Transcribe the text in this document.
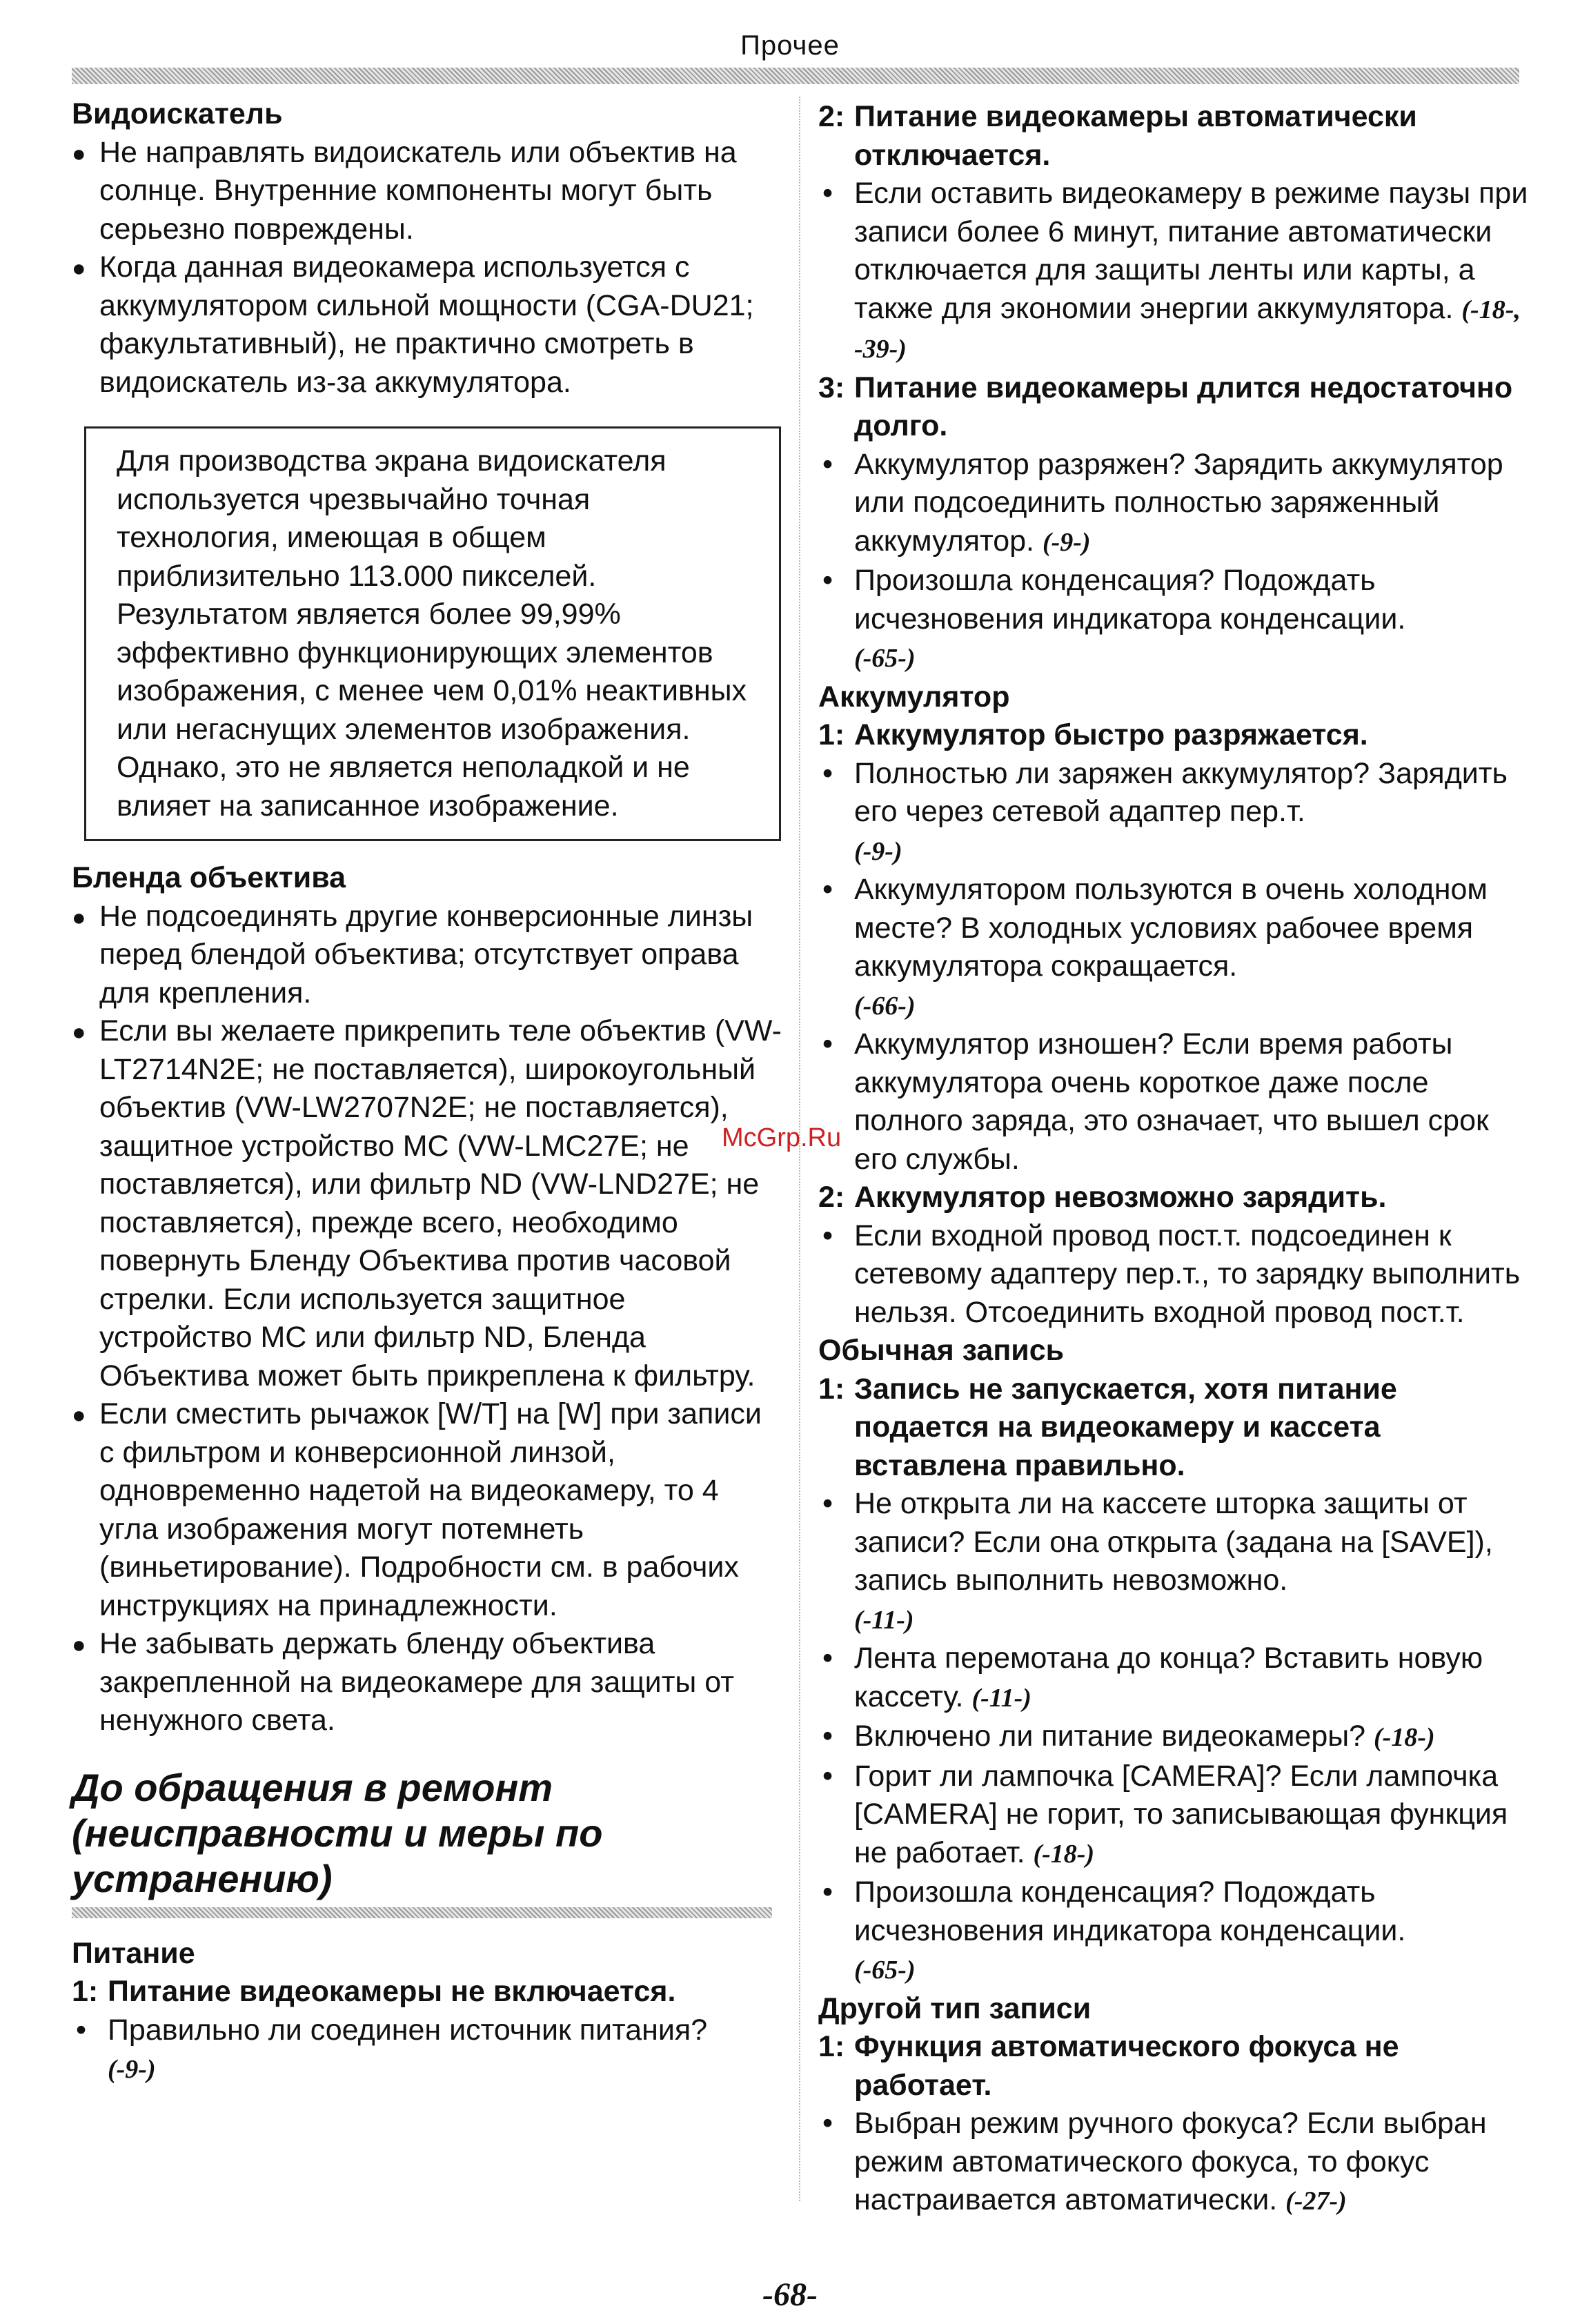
Прочее
Видоискатель
● Не направлять видоискатель или объектив на солнце. Внутренние компоненты могут быть серьезно повреждены.
● Когда данная видеокамера используется с аккумулятором сильной мощности (CGA-DU21; факультативный), не практично смотреть в видоискатель из-за аккумулятора.
Для производства экрана видоискателя используется чрезвычайно точная технология, имеющая в общем приблизительно 113.000 пикселей. Результатом является более 99,99% эффективно функционирующих элементов изображения, с менее чем 0,01% неактивных или негаснущих элементов изображения. Однако, это не является неполадкой и не влияет на записанное изображение.
Бленда объектива
● Не подсоединять другие конверсионные линзы перед блендой объектива; отсутствует оправа для крепления.
● Если вы желаете прикрепить теле объектив (VW-LT2714N2E; не поставляется), широкоугольный объектив (VW-LW2707N2E; не поставляется), защитное устройство MC (VW-LMC27E; не поставляется), или фильтр ND (VW-LND27E; не поставляется), прежде всего, необходимо повернуть Бленду Объектива против часовой стрелки. Если используется защитное устройство MC или фильтр ND, Бленда Объектива может быть прикреплена к фильтру.
● Если сместить рычажок [W/T] на [W] при записи с фильтром и конверсионной линзой, одновременно надетой на видеокамеру, то 4 угла изображения могут потемнеть (виньетирование). Подробности см. в рабочих инструкциях на принадлежности.
● Не забывать держать бленду объектива закрепленной на видеокамере для защиты от ненужного света.
До обращения в ремонт (неисправности и меры по устранению)
Питание
1: Питание видеокамеры не включается.
• Правильно ли соединен источник питания?
(-9-)
2: Питание видеокамеры автоматически отключается.
• Если оставить видеокамеру в режиме паузы при записи более 6 минут, питание автоматически отключается для защиты ленты или карты, а также для экономии энергии аккумулятора. (-18-, -39-)
3: Питание видеокамеры длится недостаточно долго.
• Аккумулятор разряжен? Зарядить аккумулятор или подсоединить полностью заряженный аккумулятор. (-9-)
• Произошла конденсация? Подождать исчезновения индикатора конденсации.
(-65-)
Аккумулятор
1: Аккумулятор быстро разряжается.
• Полностью ли заряжен аккумулятор? Зарядить его через сетевой адаптер пер.т.
(-9-)
• Аккумулятором пользуются в очень холодном месте? В холодных условиях рабочее время аккумулятора сокращается.
(-66-)
• Аккумулятор изношен? Если время работы аккумулятора очень короткое даже после полного заряда, это означает, что вышел срок его службы.
2: Аккумулятор невозможно зарядить.
• Если входной провод пост.т. подсоединен к сетевому адаптеру пер.т., то зарядку выполнить нельзя. Отсоединить входной провод пост.т.
Обычная запись
1: Запись не запускается, хотя питание подается на видеокамеру и кассета вставлена правильно.
• Не открыта ли на кассете шторка защиты от записи? Если она открыта (задана на [SAVE]), запись выполнить невозможно.
(-11-)
• Лента перемотана до конца? Вставить новую кассету. (-11-)
• Включено ли питание видеокамеры? (-18-)
• Горит ли лампочка [CAMERA]? Если лампочка [CAMERA] не горит, то записывающая функция не работает. (-18-)
• Произошла конденсация? Подождать исчезновения индикатора конденсации.
(-65-)
Другой тип записи
1: Функция автоматического фокуса не работает.
• Выбран режим ручного фокуса? Если выбран режим автоматического фокуса, то фокус настраивается автоматически. (-27-)
McGrp.Ru
-68-
